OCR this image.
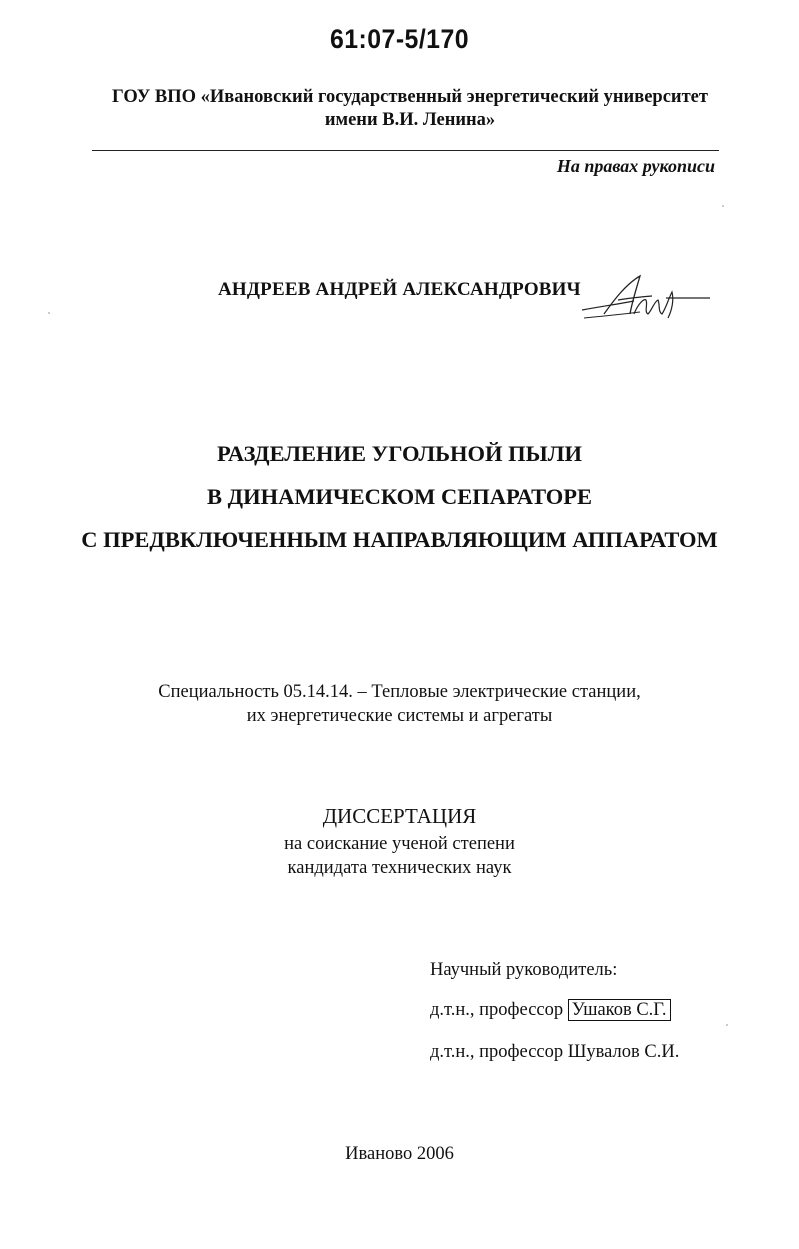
61:07-5/170
ГОУ ВПО «Ивановский государственный энергетический университет
имени В.И. Ленина»
На правах рукописи
АНДРЕЕВ АНДРЕЙ АЛЕКСАНДРОВИЧ
РАЗДЕЛЕНИЕ УГОЛЬНОЙ ПЫЛИ
В ДИНАМИЧЕСКОМ СЕПАРАТОРЕ
С ПРЕДВКЛЮЧЕННЫМ НАПРАВЛЯЮЩИМ АППАРАТОМ
Специальность 05.14.14. – Тепловые электрические станции,
их энергетические системы и агрегаты
ДИССЕРТАЦИЯ
на соискание ученой степени
кандидата технических наук
Научный руководитель:
д.т.н., профессор Ушаков С.Г.
д.т.н., профессор Шувалов С.И.
Иваново 2006
